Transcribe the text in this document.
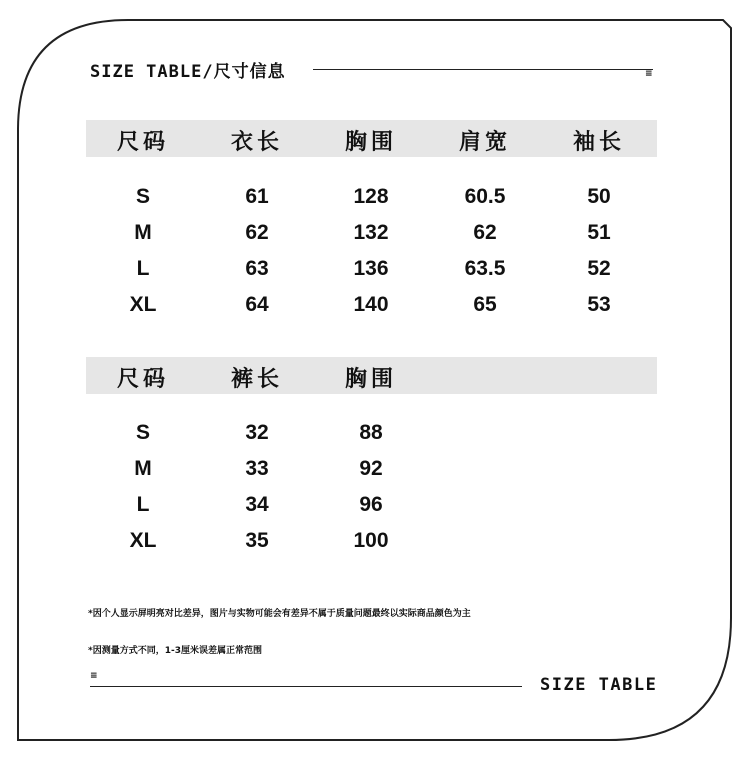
SIZE TABLE/尺寸信息	≡
尺码	衣长	胸围	肩宽	袖长
S	61	128	60.5	50
M	62	132	62	51
L	63	136	63.5	52
XL	64	140	65	53
尺码	裤长	胸围
S	32	88
M	33	92
L	34	96
XL	35	100
*因个人显示屏明亮对比差异，图片与实物可能会有差异不属于质量问题最终以实际商品颜色为主
*因测量方式不同，1-3厘米误差属正常范围
≡	SIZE TABLE
